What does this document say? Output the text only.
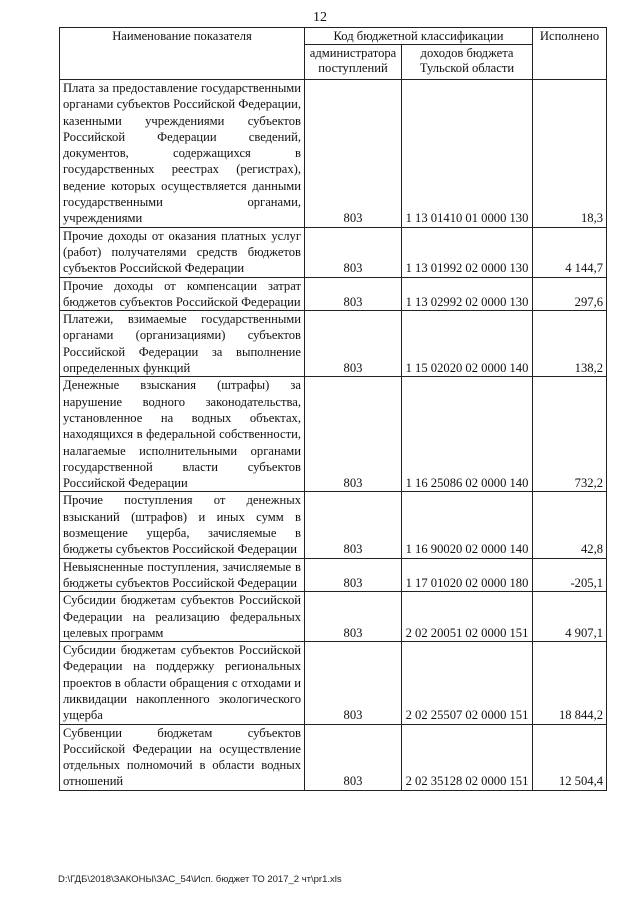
12
Наименование показателя	Код бюджетной классификации		Исполнено
	администратора поступлений	доходов бюджета Тульской области	
Плата за предоставление государственными органами субъектов Российской Федерации, казенными учреждениями субъектов Российской Федерации сведений, документов, содержащихся в государственных реестрах (регистрах), ведение которых осуществляется данными государственными органами, учреждениями	803	1 13 01410 01 0000 130	18,3
Прочие доходы от оказания платных услуг (работ) получателями средств бюджетов субъектов Российской Федерации	803	1 13 01992 02 0000 130	4 144,7
Прочие доходы от компенсации затрат бюджетов субъектов Российской Федерации	803	1 13 02992 02 0000 130	297,6
Платежи, взимаемые государственными органами (организациями) субъектов Российской Федерации за выполнение определенных функций	803	1 15 02020 02 0000 140	138,2
Денежные взыскания (штрафы) за нарушение водного законодательства, установленное на водных объектах, находящихся в федеральной собственности, налагаемые исполнительными органами государственной власти субъектов Российской Федерации	803	1 16 25086 02 0000 140	732,2
Прочие поступления от денежных взысканий (штрафов) и иных сумм в возмещение ущерба, зачисляемые в бюджеты субъектов Российской Федерации	803	1 16 90020 02 0000 140	42,8
Невыясненные поступления, зачисляемые в бюджеты субъектов Российской Федерации	803	1 17 01020 02 0000 180	-205,1
Субсидии бюджетам субъектов Российской Федерации на реализацию федеральных целевых программ	803	2 02 20051 02 0000 151	4 907,1
Субсидии бюджетам субъектов Российской Федерации на поддержку региональных проектов в области обращения с отходами и ликвидации накопленного экологического ущерба	803	2 02 25507 02 0000 151	18 844,2
Субвенции бюджетам субъектов Российской Федерации на осуществление отдельных полномочий в области водных отношений	803	2 02 35128 02 0000 151	12 504,4
D:\ГДБ\2018\ЗАКОНЫ\ЗАС_54\Исп. бюджет ТО 2017_2 чт\pr1.xls
